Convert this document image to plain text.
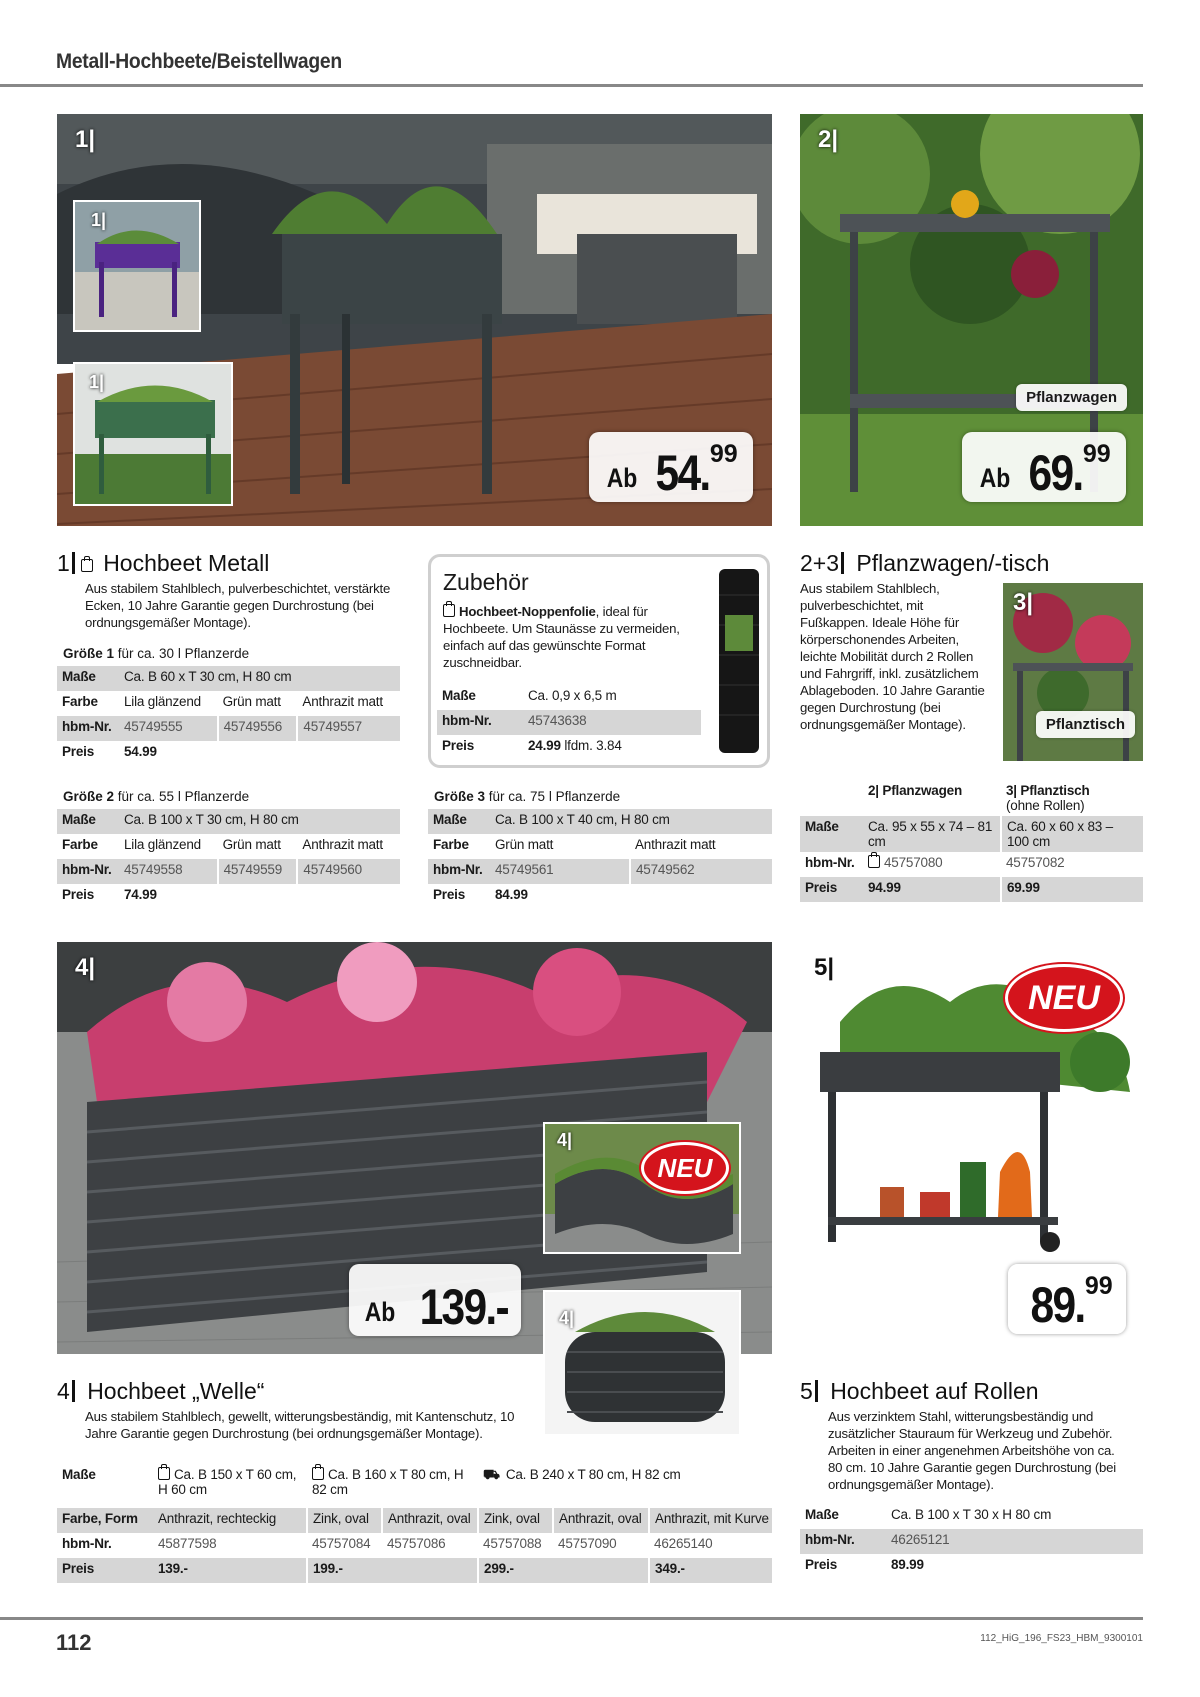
Metall-Hochbeete/Beistellwagen
1|
1|
1|
Ab 54. 99
2|
Pflanzwagen
Ab 69. 99
1 Hochbeet Metall
Aus stabilem Stahlblech, pulverbeschichtet, verstärkte Ecken, 10 Jahre Garantie gegen Durchrostung (bei ordnungsgemäßer Montage).
Größe 1 für ca. 30 l Pflanzerde
Maße	Ca. B 60 x T 30 cm, H 80 cm		
Farbe	Lila glänzend	Grün matt	Anthrazit matt
hbm-Nr.	45749555	45749556	45749557
Preis	54.99		
Größe 2 für ca. 55 l Pflanzerde
Maße	Ca. B 100 x T 30 cm, H 80 cm		
Farbe	Lila glänzend	Grün matt	Anthrazit matt
hbm-Nr.	45749558	45749559	45749560
Preis	74.99		
Zubehör
Hochbeet-Noppenfolie, ideal für Hochbeete. Um Staunässe zu vermeiden, einfach auf das gewünschte Format zuschneidbar.
Maße	Ca. 0,9 x 6,5 m
hbm-Nr.	45743638
Preis	24.99 lfdm. 3.84
Größe 3 für ca. 75 l Pflanzerde
Maße	Ca. B 100 x T 40 cm, H 80 cm	
Farbe	Grün matt	Anthrazit matt
hbm-Nr.	45749561	45749562
Preis	84.99	
2+3 Pflanzwagen/-tisch
Aus stabilem Stahlblech, pulverbeschichtet, mit Fußkappen. Ideale Höhe für körperschonendes Arbeiten, leichte Mobilität durch 2 Rollen und Fahrgriff, inkl. zusätzlichem Ablageboden. 10 Jahre Garantie gegen Durchrostung (bei ordnungsgemäßer Montage).
3|
Pflanztisch
	2| Pflanzwagen	3| Pflanztisch
(ohne Rollen)
Maße	Ca. 95 x 55 x 74 – 81 cm	Ca. 60 x 60 x 83 – 100 cm
hbm-Nr.	45757080	45757082
Preis	94.99	69.99
4|
4|
NEU
4|
Ab 139.-
5|
NEU
89. 99
4 Hochbeet „Welle“
Aus stabilem Stahlblech, gewellt, witterungsbeständig, mit Kantenschutz, 10 Jahre Garantie gegen Durchrostung (bei ordnungsgemäßer Montage).
Maße	Ca. B 150 x T 60 cm, H 60 cm	Ca. B 160 x T 80 cm, H 82 cm		⛟ Ca. B 240 x T 80 cm, H 82 cm		
Farbe, Form	Anthrazit, rechteckig	Zink, oval	Anthrazit, oval	Zink, oval	Anthrazit, oval	Anthrazit, mit Kurve
hbm-Nr.	45877598	45757084	45757086	45757088	45757090	46265140
Preis	139.-	199.-		299.-		349.-
5 Hochbeet auf Rollen
Aus verzinktem Stahl, witterungsbeständig und zusätzlicher Stauraum für Werkzeug und Zubehör. Arbeiten in einer angenehmen Arbeitshöhe von ca. 80 cm. 10 Jahre Garantie gegen Durchrostung (bei ordnungsgemäßer Montage).
Maße	Ca. B 100 x T 30 x H 80 cm
hbm-Nr.	46265121
Preis	89.99
112	112_HiG_196_FS23_HBM_9300101
